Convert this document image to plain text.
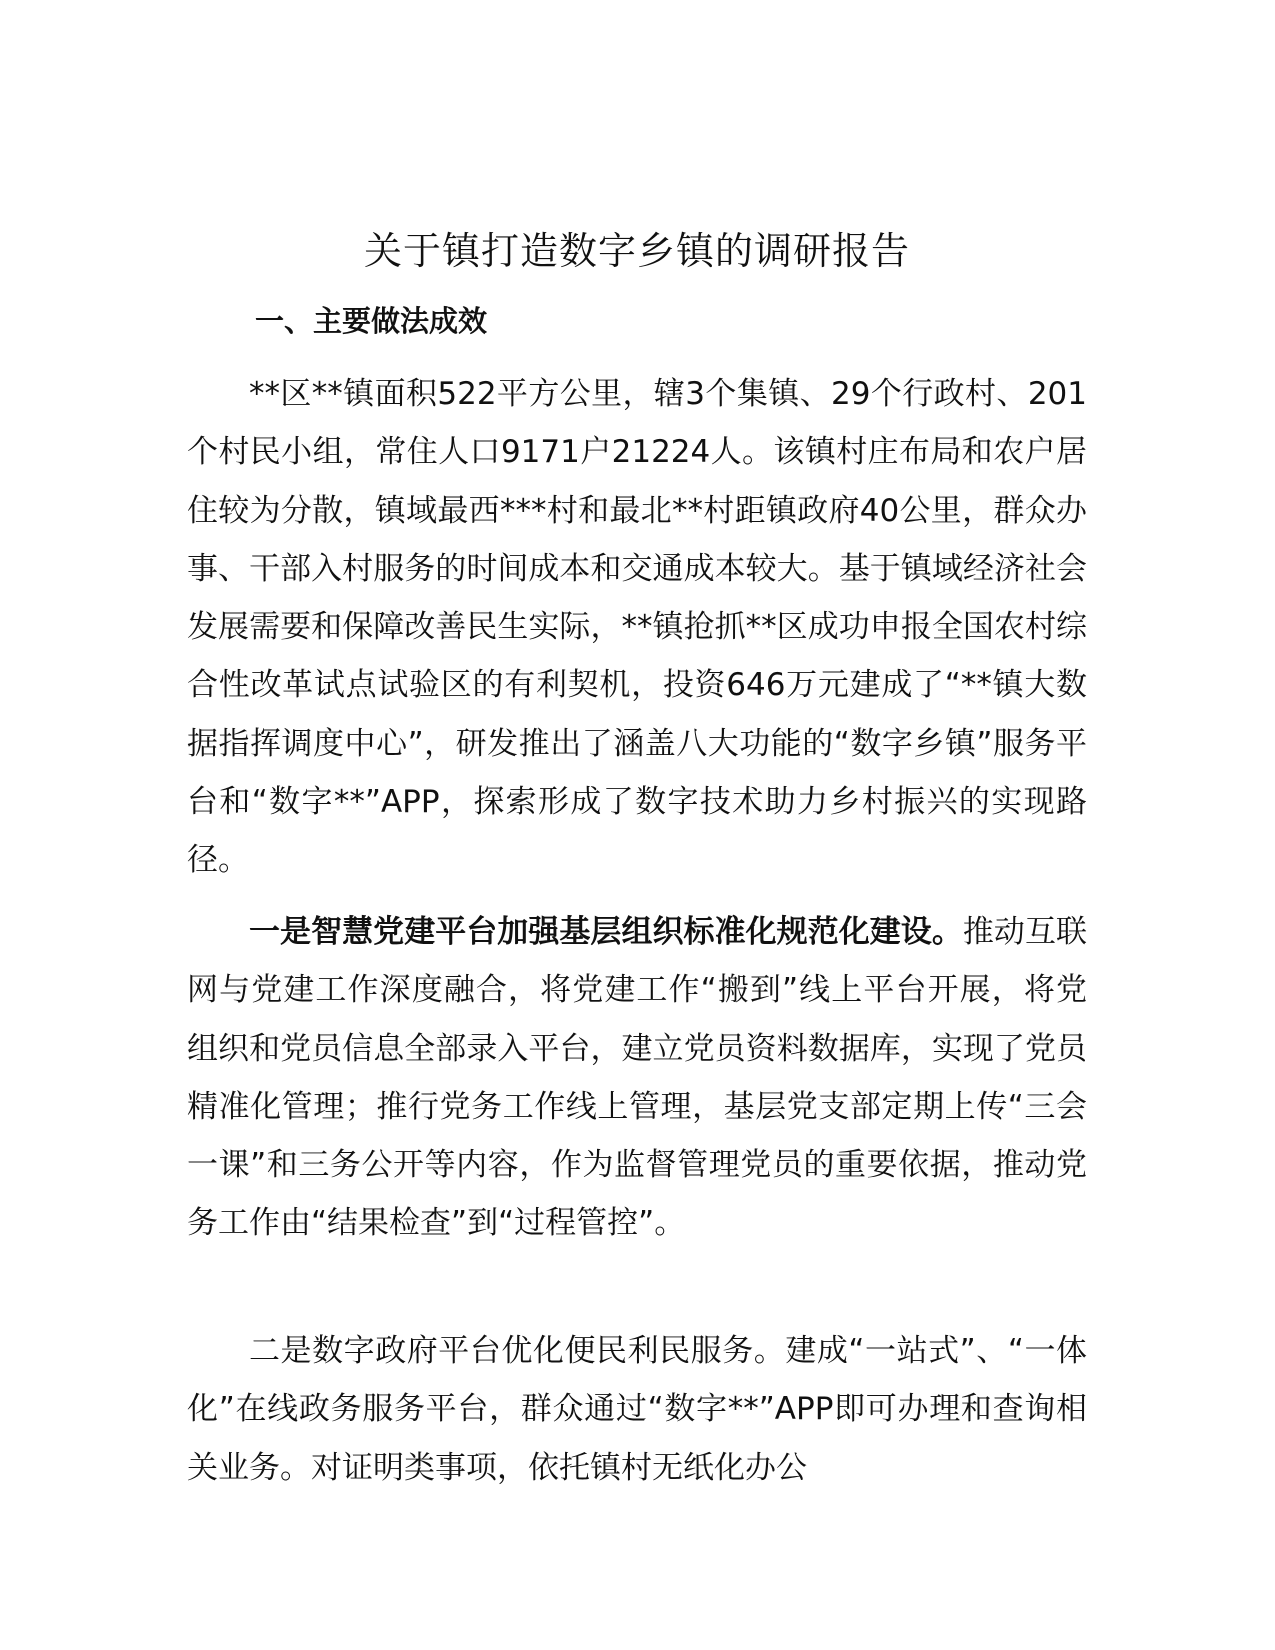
关于镇打造数字乡镇的调研报告
一、主要做法成效

**区**镇面积522平方公里，辖3个集镇、29个行政村、201个村民小组，常住人口9171户21224人。该镇村庄布局和农户居住较为分散，镇域最西***村和最北**村距镇政府40公里，群众办事、干部入村服务的时间成本和交通成本较大。基于镇域经济社会发展需要和保障改善民生实际，**镇抢抓**区成功申报全国农村综合性改革试点试验区的有利契机，投资646万元建成了“**镇大数据指挥调度中心”，研发推出了涵盖八大功能的“数字乡镇”服务平台和“数字**”APP，探索形成了数字技术助力乡村振兴的实现路径。

一是智慧党建平台加强基层组织标准化规范化建设。推动互联网与党建工作深度融合，将党建工作“搬到”线上平台开展，将党组织和党员信息全部录入平台，建立党员资料数据库，实现了党员精准化管理；推行党务工作线上管理，基层党支部定期上传“三会一课”和三务公开等内容，作为监督管理党员的重要依据，推动党务工作由“结果检查”到“过程管控”。

二是数字政府平台优化便民利民服务。建成“一站式”、“一体化”在线政务服务平台，群众通过“数字**”APP即可办理和查询相关业务。对证明类事项，依托镇村无纸化办公
